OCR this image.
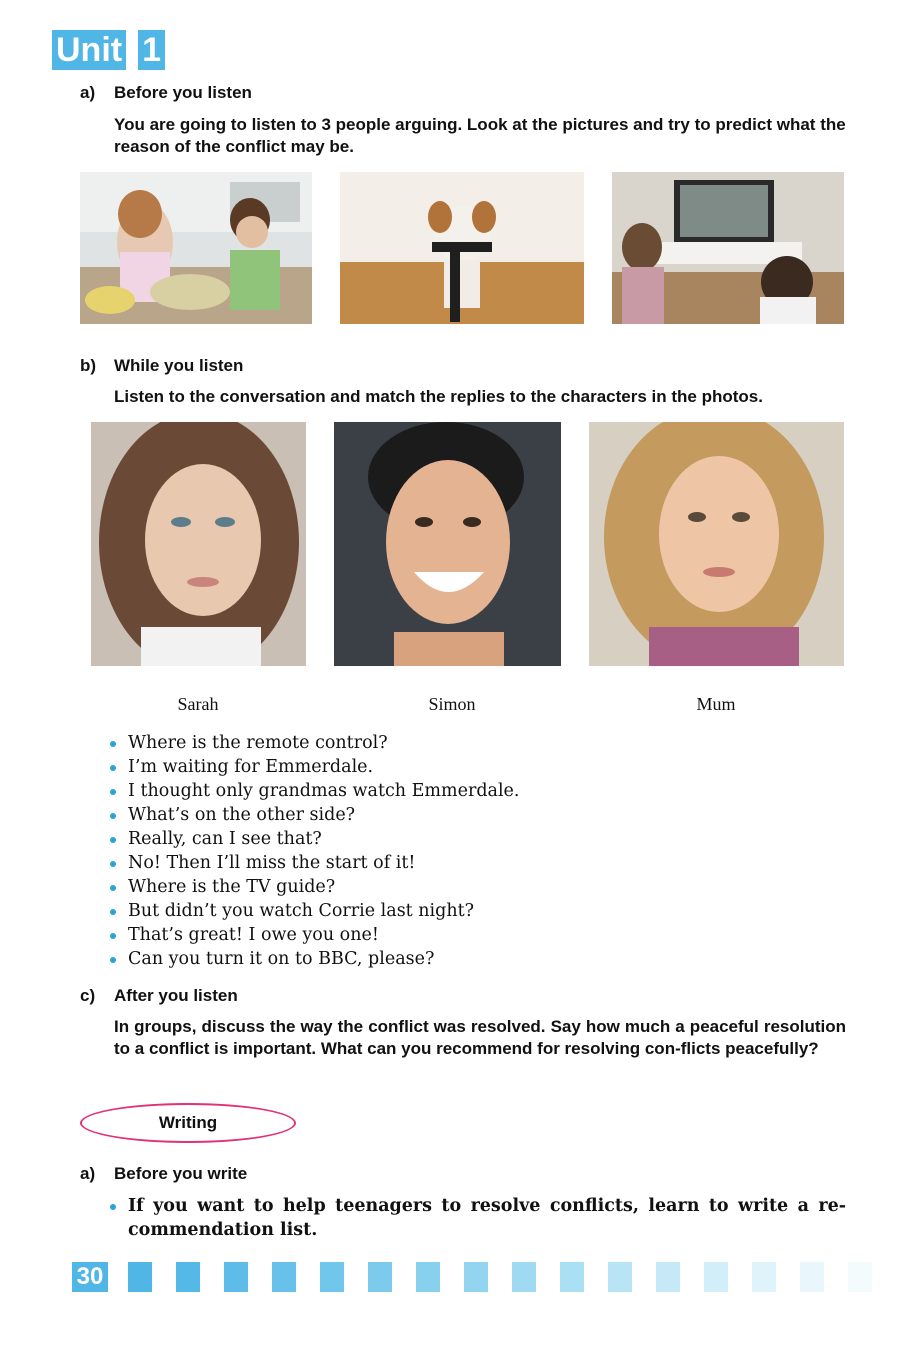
Unit 1
a) Before you listen
You are going to listen to 3 people arguing. Look at the pictures and try to predict what the reason of the conflict may be.
b) While you listen
Listen to the conversation and match the replies to the characters in the photos.
Sarah	Simon	Mum
Where is the remote control?
I’m waiting for Emmerdale.
I thought only grandmas watch Emmerdale.
What’s on the other side?
Really, can I see that?
No! Then I’ll miss the start of it!
Where is the TV guide?
But didn’t you watch Corrie last night?
That’s great! I owe you one!
Can you turn it on to BBC, please?
c) After you listen
In groups, discuss the way the conflict was resolved. Say how much a peaceful resolution to a conflict is important. What can you recommend for resolving con-flicts peacefully?
Writing
a) Before you write
If you want to help teenagers to resolve conflicts, learn to write a re-commendation list.
30
